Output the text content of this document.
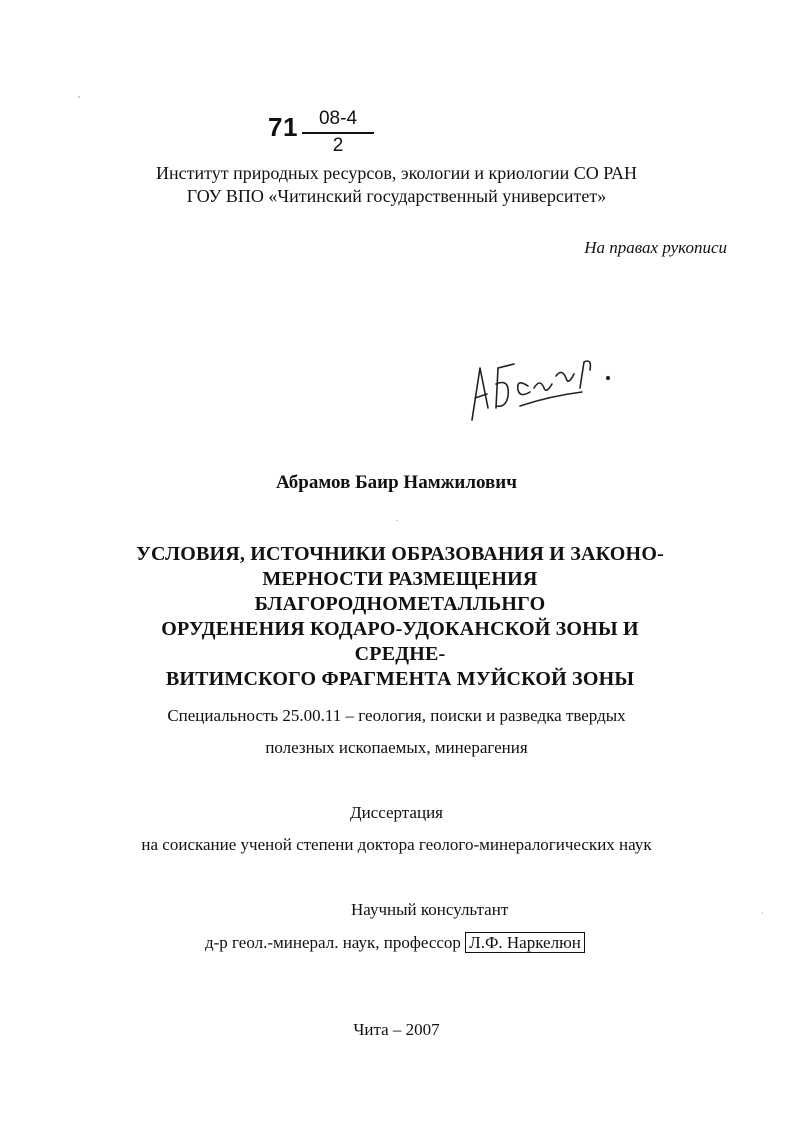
71	08-4
2
Институт природных ресурсов, экологии и криологии СО РАН
ГОУ ВПО «Читинский государственный университет»
На правах рукописи
Абрамов Баир Намжилович
УСЛОВИЯ, ИСТОЧНИКИ ОБРАЗОВАНИЯ И ЗАКОНО-
МЕРНОСТИ РАЗМЕЩЕНИЯ БЛАГОРОДНОМЕТАЛЛЬНГО
ОРУДЕНЕНИЯ КОДАРО-УДОКАНСКОЙ ЗОНЫ И СРЕДНЕ-
ВИТИМСКОГО ФРАГМЕНТА МУЙСКОЙ ЗОНЫ
Специальность 25.00.11 – геология, поиски и разведка твердых
полезных ископаемых, минерагения
Диссертация
на соискание ученой степени доктора геолого-минералогических наук
Научный консультант
д-р геол.-минерал. наук, профессор Л.Ф. Наркелюн
Чита – 2007
